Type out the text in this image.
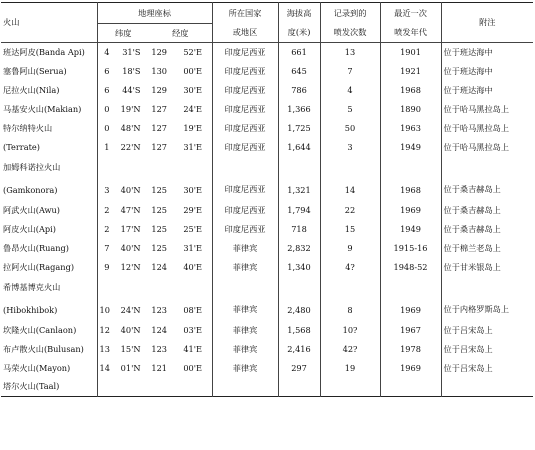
火山	地理座标		所在国家	海拔高	记录到的	最近一次	附注
	纬度	经度	或地区	度(米)	喷发次数	喷发年代	
班达阿皮(Banda Api)	4 31'S	129 52'E	印度尼西亚	661	13	1901	位于班达海中
塞鲁阿山(Serua)	6 18'S	130 00'E	印度尼西亚	645	7	1921	位于班达海中
尼拉火山(Nila)	6 44'S	129 30'E	印度尼西亚	786	4	1968	位于班达海中
马基安火山(Makian)	0 19'N	127 24'E	印度尼西亚	1,366	5	1890	位于哈马黑拉岛上
特尔纳特火山	0 48'N	127 19'E	印度尼西亚	1,725	50	1963	位于哈马黑拉岛上
(Terrate)	1 22'N	127 31'E	印度尼西亚	1,644	3	1949	位于哈马黑拉岛上
加姆科诺拉火山							
(Gamkonora)	3 40'N	125 30'E	印度尼西亚	1,321	14	1968	位于桑吉赫岛上
阿武火山(Awu)	2 47'N	125 29'E	印度尼西亚	1,794	22	1969	位于桑吉赫岛上
阿皮火山(Api)	2 17'N	125 25'E	印度尼西亚	718	15	1949	位于桑吉赫岛上
鲁昂火山(Ruang)	7 40'N	125 31'E	菲律宾	2,832	9	1915-16	位于棉兰老岛上
拉阿火山(Ragang)	9 12'N	124 40'E	菲律宾	1,340	4?	1948-52	位于甘米银岛上
希博基博克火山							
(Hibokhibok)	10 24'N	123 08'E	菲律宾	2,480	8	1969	位于内格罗斯岛上
坎隆火山(Canlaon)	12 40'N	124 03'E	菲律宾	1,568	10?	1967	位于吕宋岛上
布卢散火山(Bulusan)	13 15'N	123 41'E	菲律宾	2,416	42?	1978	位于吕宋岛上
马荣火山(Mayon)	14 01'N	121 00'E	菲律宾	297	19	1969	位于吕宋岛上
塔尔火山(Taal)							
